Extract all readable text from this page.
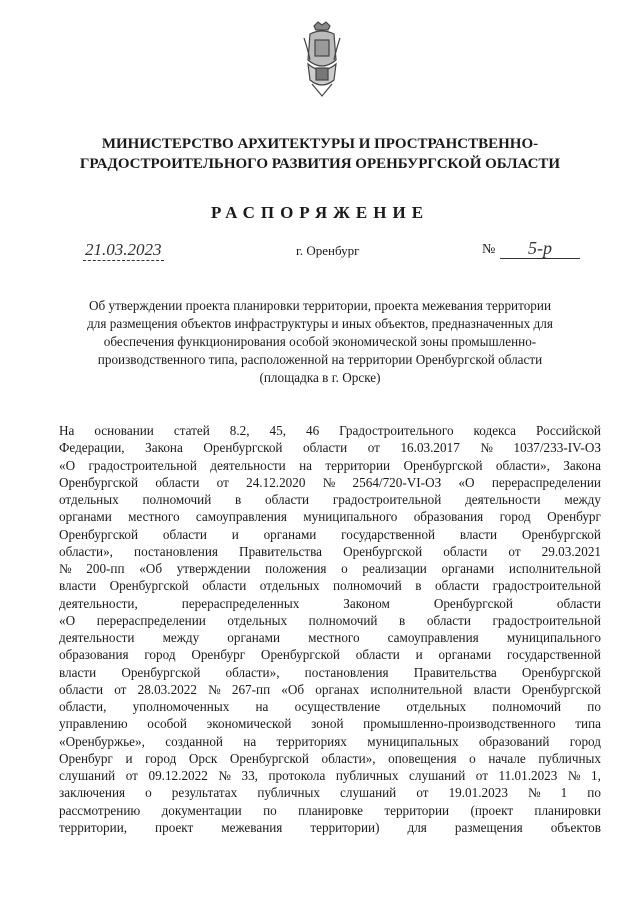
МИНИСТЕРСТВО АРХИТЕКТУРЫ И ПРОСТРАНСТВЕННО-
ГРАДОСТРОИТЕЛЬНОГО РАЗВИТИЯ ОРЕНБУРГСКОЙ ОБЛАСТИ
РАСПОРЯЖЕНИЕ
21.03.2023	г. Оренбург	№	5-р
Об утверждении проекта планировки территории, проекта межевания территории
для размещения объектов инфраструктуры и иных объектов, предназначенных для
обеспечения функционирования особой экономической зоны промышленно-
производственного типа, расположенной на территории Оренбургской области
(площадка в г. Орске)
На основании статей 8.2, 45, 46 Градостроительного кодекса Российской
Федерации, Закона Оренбургской области от 16.03.2017 № 1037/233-IV-ОЗ
«О градостроительной деятельности на территории Оренбургской области», Закона
Оренбургской области от 24.12.2020 № 2564/720-VI-ОЗ «О перераспределении
отдельных полномочий в области градостроительной деятельности между
органами местного самоуправления муниципального образования город Оренбург
Оренбургской области и органами государственной власти Оренбургской
области», постановления Правительства Оренбургской области от 29.03.2021
№ 200-пп «Об утверждении положения о реализации органами исполнительной
власти Оренбургской области отдельных полномочий в области градостроительной
деятельности,	перераспределенных	Законом	Оренбургской	области
«О перераспределении отдельных полномочий в области градостроительной
деятельности между органами местного самоуправления муниципального
образования город Оренбург Оренбургской области и органами государственной
власти Оренбургской области», постановления Правительства Оренбургской
области от 28.03.2022 № 267-пп «Об органах исполнительной власти Оренбургской
области, уполномоченных на осуществление отдельных полномочий по
управлению особой экономической зоной промышленно-производственного типа
«Оренбуржье», созданной на территориях муниципальных образований город
Оренбург и город Орск Оренбургской области», оповещения о начале публичных
слушаний от 09.12.2022 № 33, протокола публичных слушаний от 11.01.2023 № 1,
заключения о результатах публичных слушаний от 19.01.2023 № 1 по
рассмотрению документации по планировке территории (проект планировки
территории, проект межевания территории) для размещения объектов
